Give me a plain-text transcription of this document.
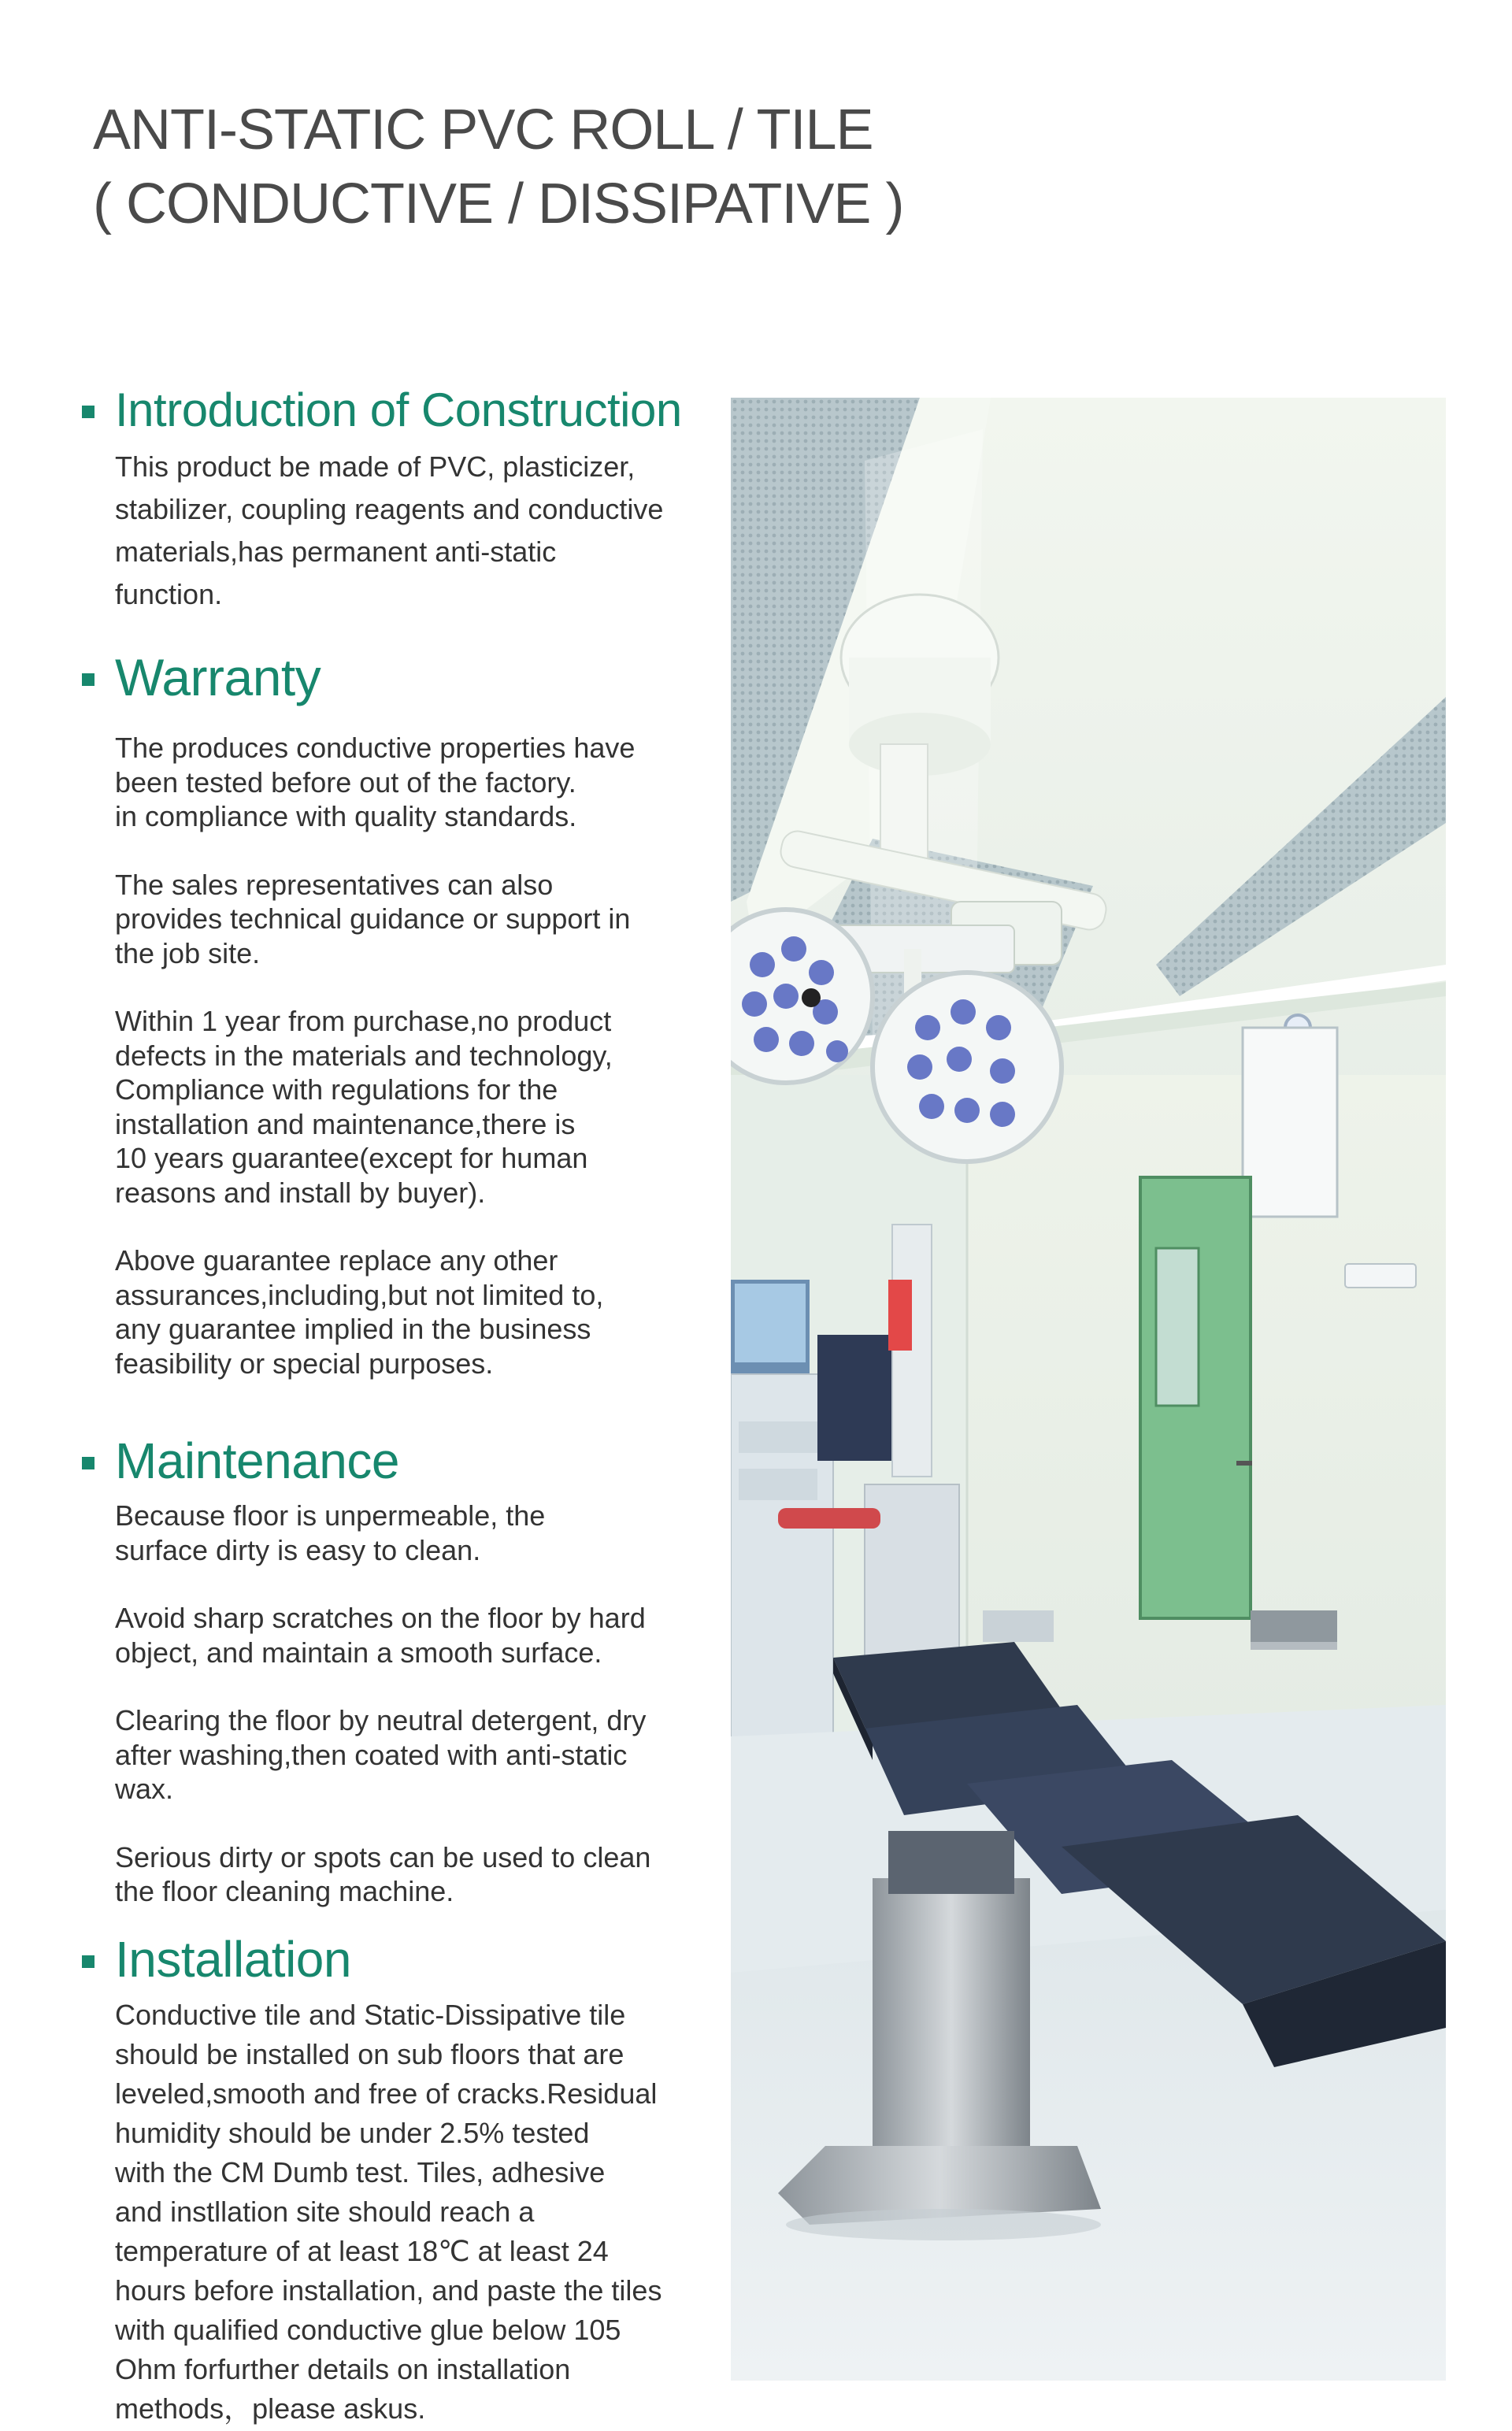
ANTI-STATIC PVC ROLL / TILE
( CONDUCTIVE / DISSIPATIVE )
Introduction of Construction
This product be made of PVC, plasticizer,
stabilizer, coupling reagents and conductive
materials,has permanent anti-static
function.
Warranty
The produces conductive properties have
been tested before out of the factory.
in compliance with quality standards.
The sales representatives can also
provides technical guidance or support in
the job site.
Within 1 year from purchase,no product
defects in the materials and technology,
Compliance with regulations for the
installation and maintenance,there is
10 years guarantee(except for human
reasons and install by buyer).
Above guarantee replace any other
assurances,including,but not limited to,
any guarantee implied in the business
feasibility or special purposes.
Maintenance
Because floor is unpermeable, the
surface dirty is easy to clean.
Avoid sharp scratches on the floor by hard
object, and maintain a smooth surface.
Clearing the floor by neutral detergent, dry
after washing,then coated with anti-static
wax.
Serious dirty or spots can be used to clean
the floor cleaning machine.
Installation
Conductive tile and Static-Dissipative tile
should be installed on sub floors that are
leveled,smooth and free of cracks.Residual
humidity should be under 2.5% tested
with the CM Dumb test. Tiles, adhesive
and instllation site should reach a
temperature of at least 18℃ at least 24
hours before installation, and paste the tiles
with qualified conductive glue below 105
Ohm forfurther details on installation
methods，please askus.
